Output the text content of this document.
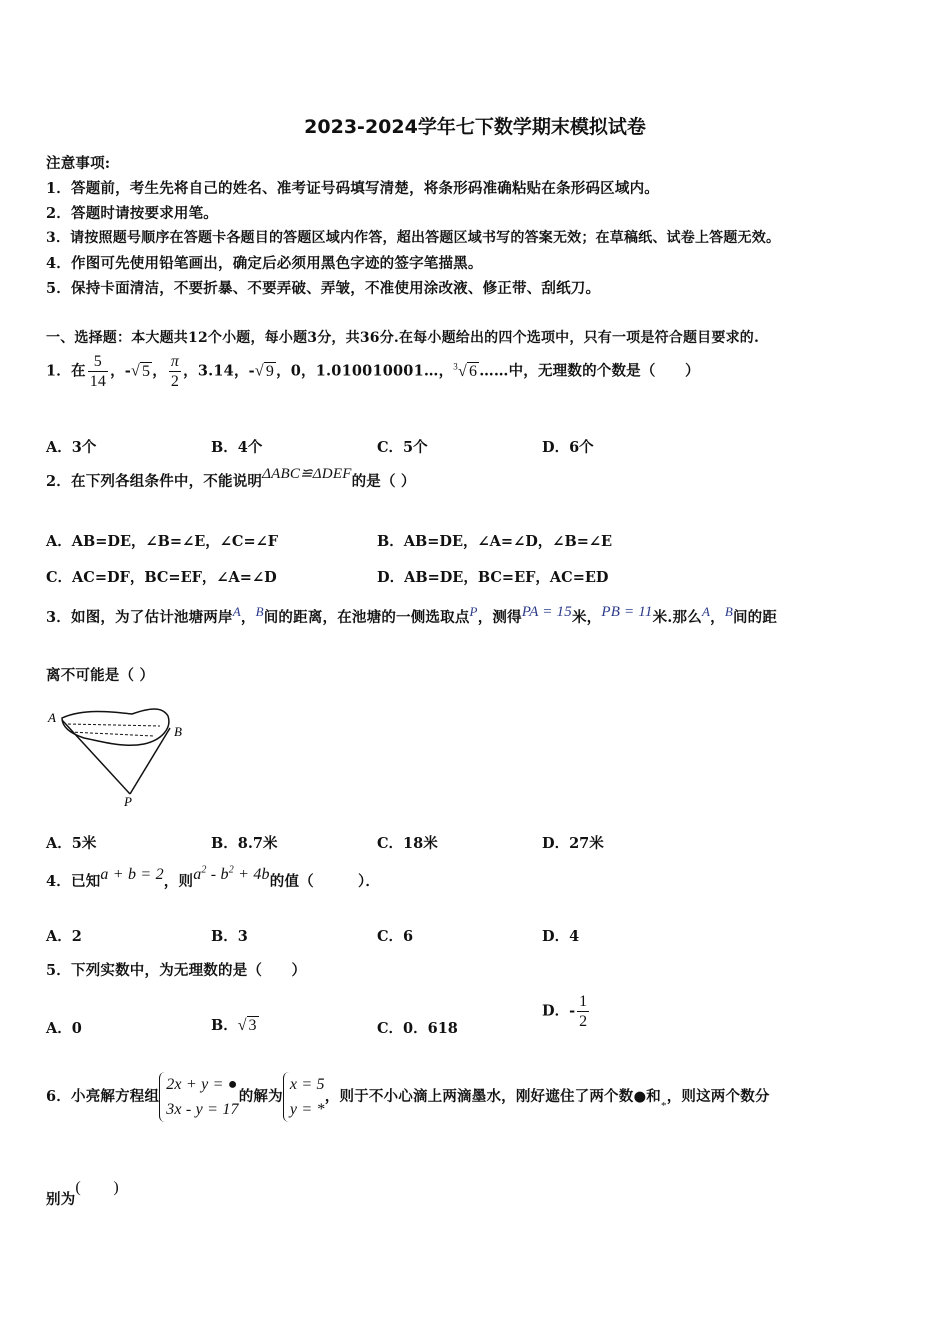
2023-2024学年七下数学期末模拟试卷
注意事项:
1．答题前，考生先将自己的姓名、准考证号码填写清楚，将条形码准确粘贴在条形码区域内。
2．答题时请按要求用笔。
3．请按照题号顺序在答题卡各题目的答题区域内作答，超出答题区域书写的答案无效；在草稿纸、试卷上答题无效。
4．作图可先使用铅笔画出，确定后必须用黑色字迹的签字笔描黑。
5．保持卡面清洁，不要折暴、不要弄破、弄皱，不准使用涂改液、修正带、刮纸刀。
一、选择题：本大题共12个小题，每小题3分，共36分.在每小题给出的四个选项中，只有一项是符合题目要求的.
1．在 $\frac{5}{14}$ ，-√ 5 ， $\frac{\pi}{2}$ ，3.14，-√ 9 ，0，1.010010001…，$^3$√ 6 ……中，无理数的个数是（　　）
A．3个	B．4个	C．5个	D．6个
2．在下列各组条件中，不能说明ΔABC≌ΔDEF的是（ ）
A．AB=DE，∠B=∠E，∠C=∠F	B．AB=DE，∠A=∠D，∠B=∠E
C．AC=DF，BC=EF，∠A=∠D	D．AB=DE，BC=EF，AC=ED
3．如图，为了估计池塘两岸A，B间的距离，在池塘的一侧选取点P，测得PA = 15米，PB = 11米.那么A，B间的距
离不可能是（ ）
A
B
P
A．5米	B．8.7米	C．18米	D．27米
4．已知a + b = 2，则$a^2 - b^2 + 4b$的值（　　　）．
A．2	B．3	C．6	D．4
5．下列实数中，为无理数的是（　　）
A．0	B．√ 3	C．0．618
D．- $\frac{1}{2}$
6．小亮解方程组
2x + y = ●
3x - y = 17
的解为
x = 5
y = *
，则于不小心滴上两滴墨水，刚好遮住了两个数●和$_*$，则这两个数分
别为(　　)
